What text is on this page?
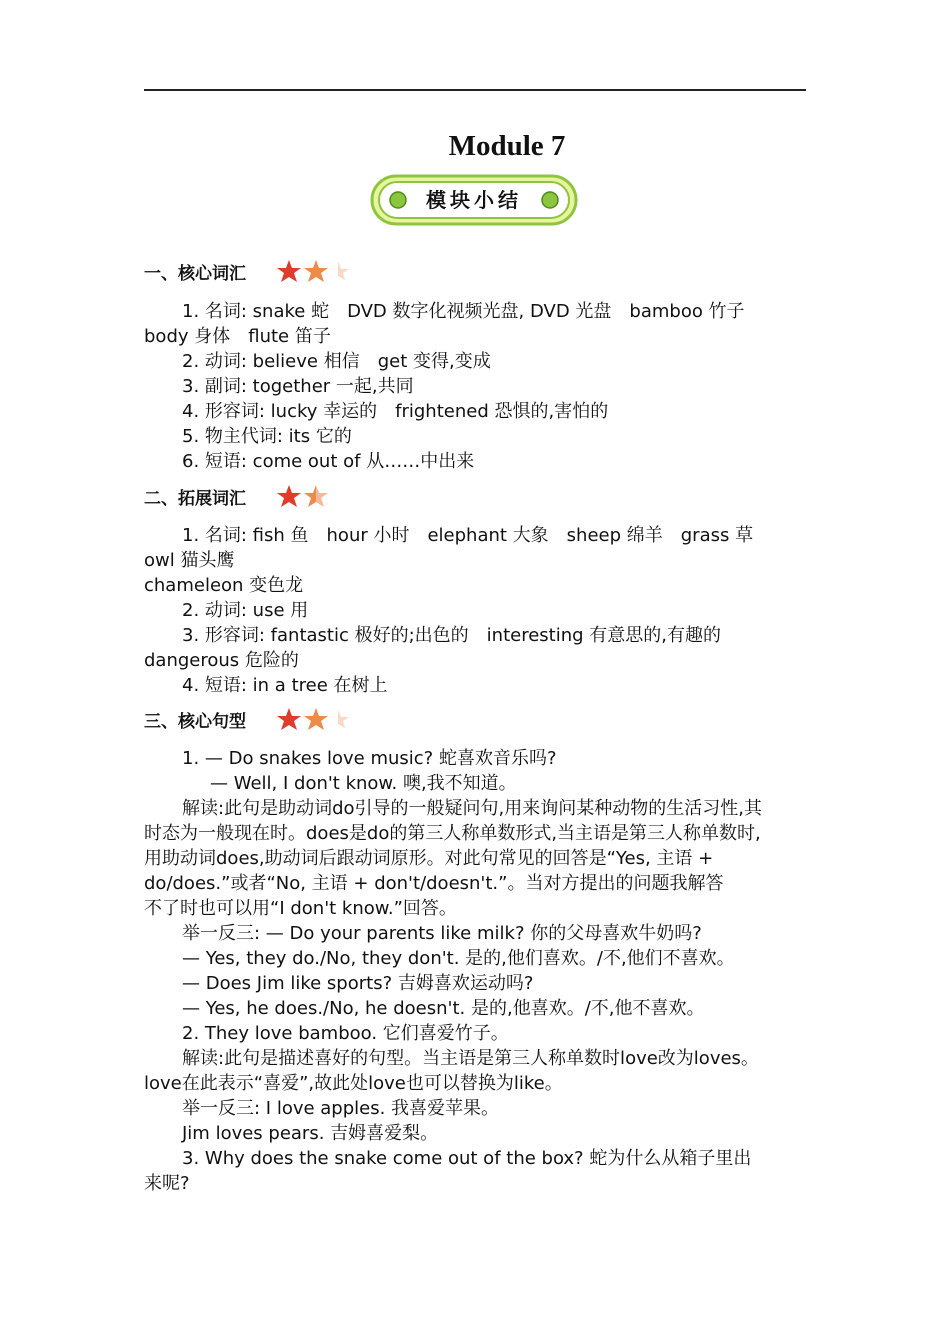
Module 7
模块小结
一、核心词汇
二、拓展词汇
三、核心句型
1. 名词: snake 蛇　DVD 数字化视频光盘, DVD 光盘　bamboo 竹子
body 身体　flute 笛子
2. 动词: believe 相信　get 变得,变成
3. 副词: together 一起,共同
4. 形容词: lucky 幸运的　frightened 恐惧的,害怕的
5. 物主代词: its 它的
6. 短语: come out of 从……中出来
1. 名词: fish 鱼　hour 小时　elephant 大象　sheep 绵羊　grass 草
owl 猫头鹰
chameleon 变色龙
2. 动词: use 用
3. 形容词: fantastic 极好的;出色的　interesting 有意思的,有趣的
dangerous 危险的
4. 短语: in a tree 在树上
1. — Do snakes love music? 蛇喜欢音乐吗?
— Well, I don't know. 噢,我不知道。
解读:此句是助动词do引导的一般疑问句,用来询问某种动物的生活习性,其
时态为一般现在时。does是do的第三人称单数形式,当主语是第三人称单数时,
用助动词does,助动词后跟动词原形。对此句常见的回答是“Yes, 主语 +
do/does.”或者“No, 主语 + don't/doesn't.”。当对方提出的问题我解答
不了时也可以用“I don't know.”回答。
举一反三: — Do your parents like milk? 你的父母喜欢牛奶吗?
— Yes, they do./No, they don't. 是的,他们喜欢。/不,他们不喜欢。
— Does Jim like sports? 吉姆喜欢运动吗?
— Yes, he does./No, he doesn't. 是的,他喜欢。/不,他不喜欢。
2. They love bamboo. 它们喜爱竹子。
解读:此句是描述喜好的句型。当主语是第三人称单数时love改为loves。
love在此表示“喜爱”,故此处love也可以替换为like。
举一反三: I love apples. 我喜爱苹果。
Jim loves pears. 吉姆喜爱梨。
3. Why does the snake come out of the box? 蛇为什么从箱子里出
来呢?
